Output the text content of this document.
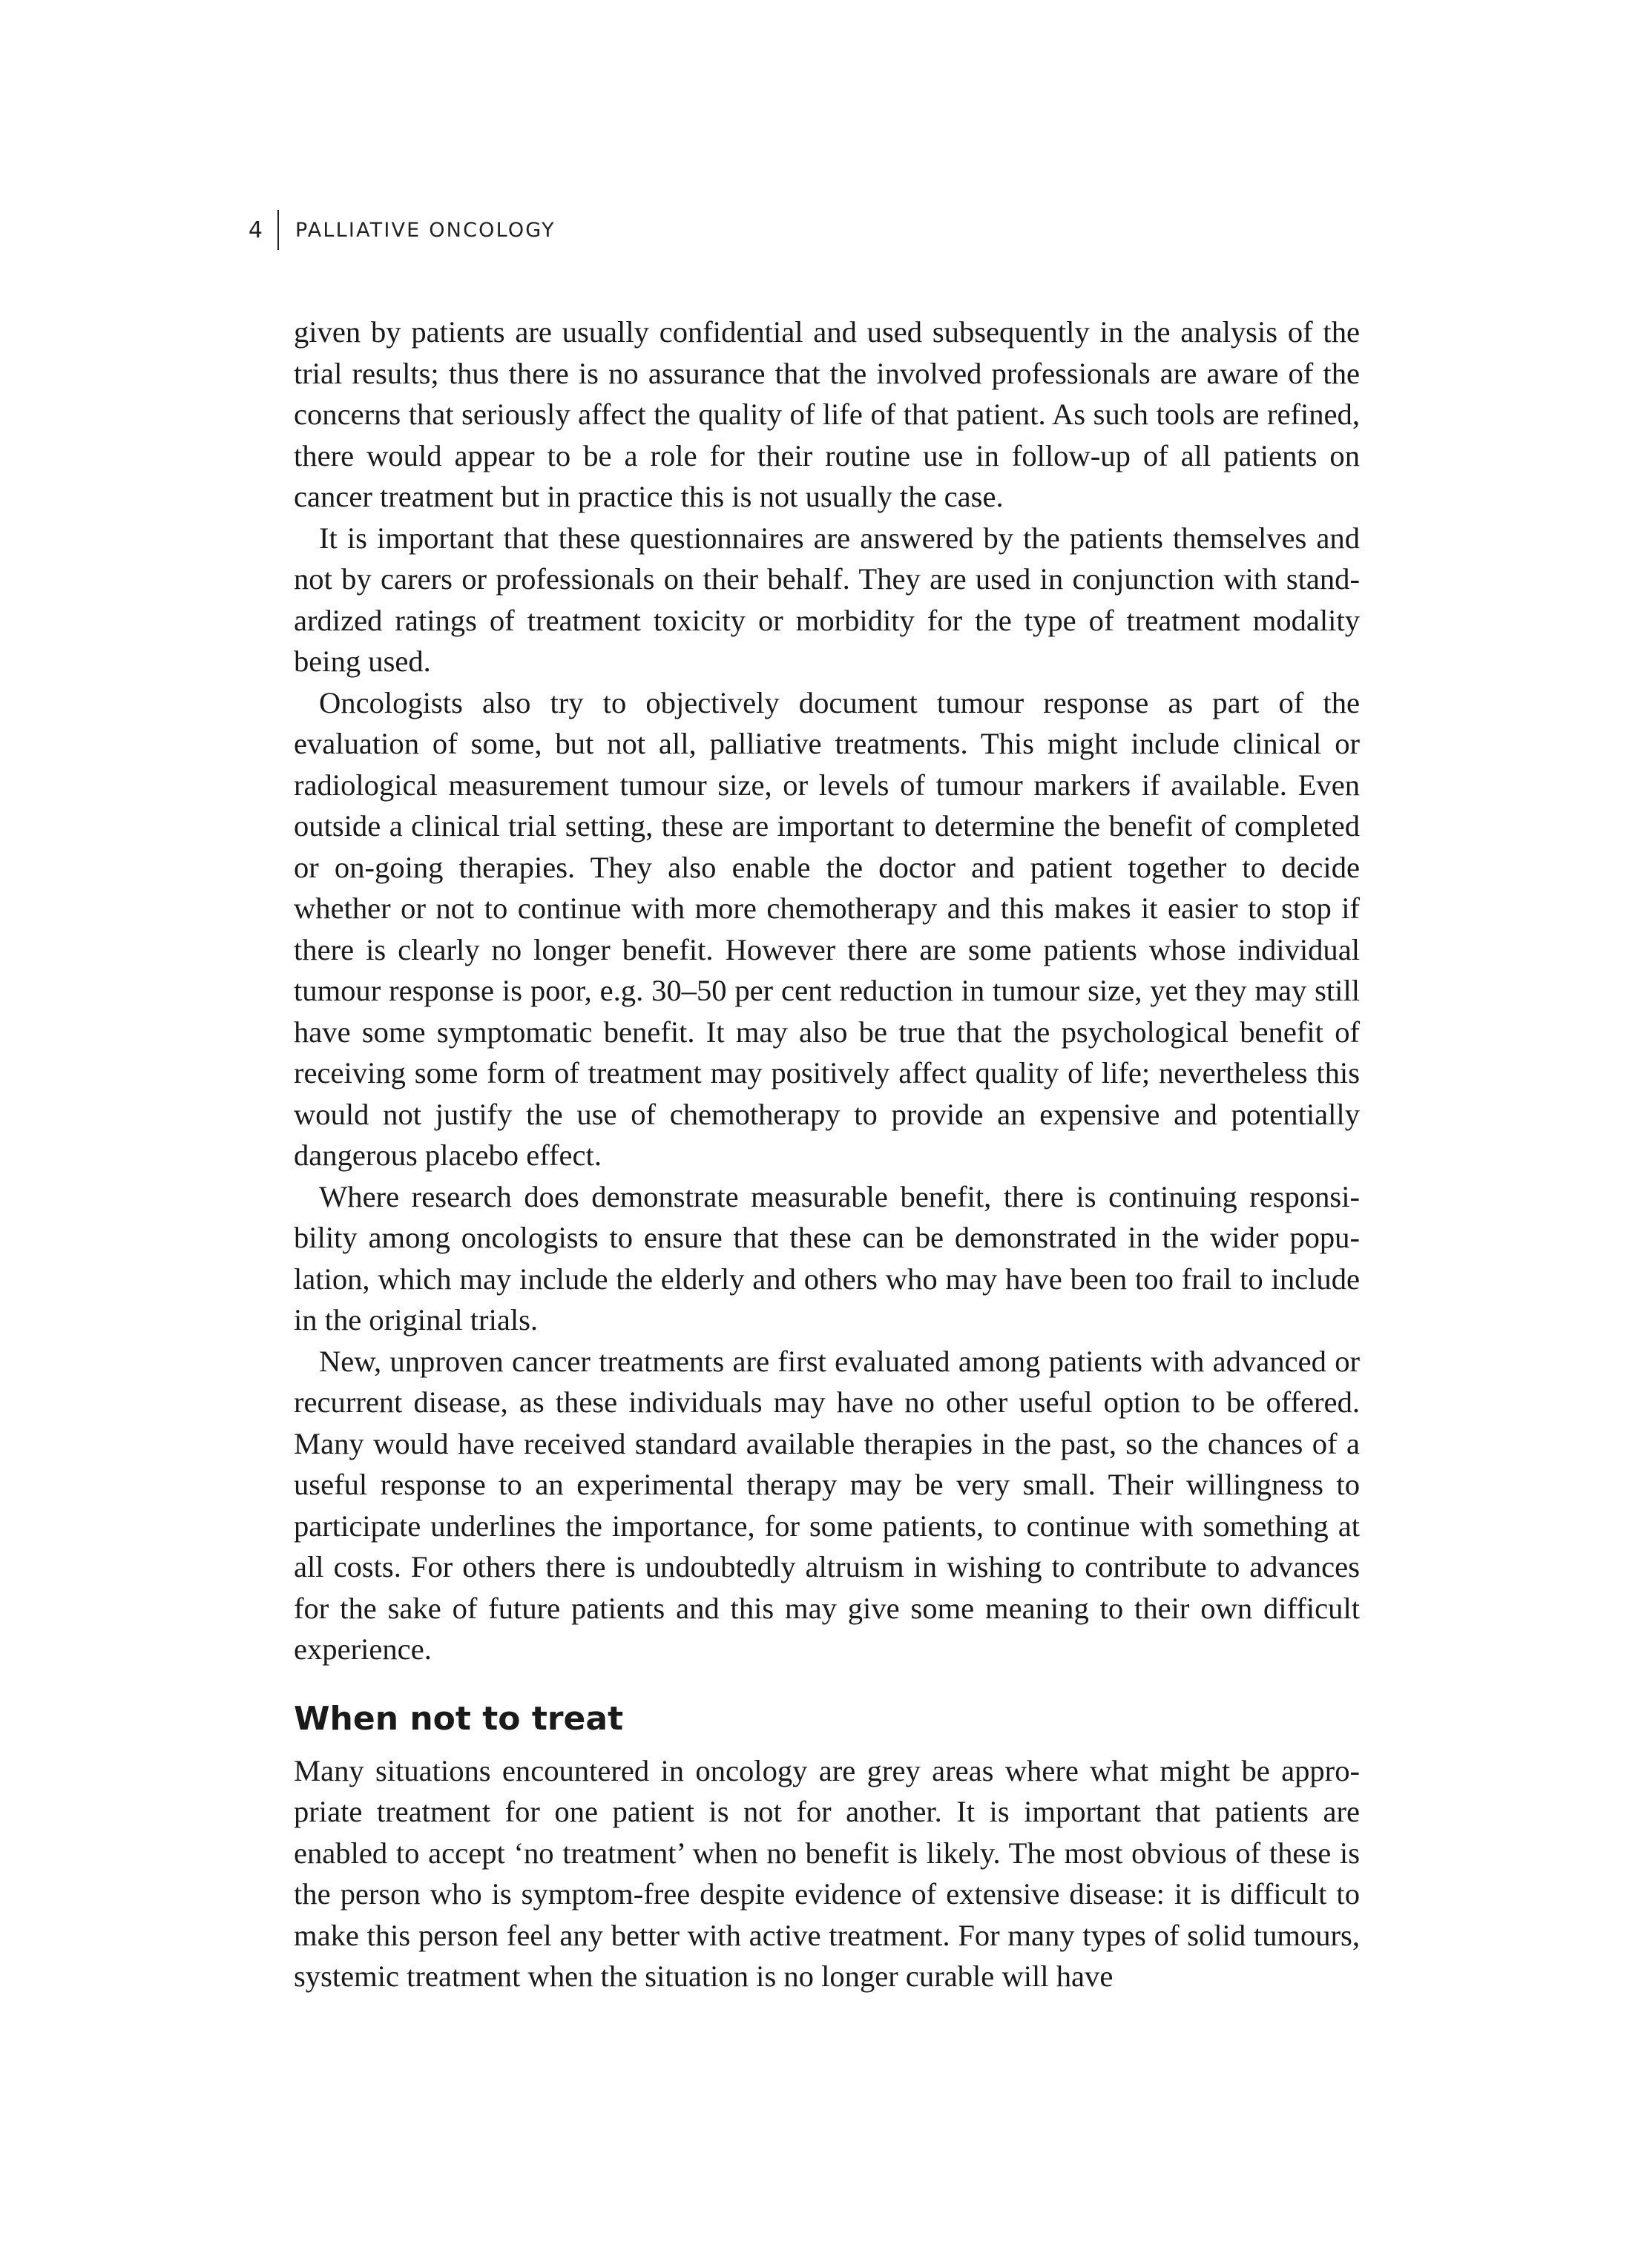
4 PALLIATIVE ONCOLOGY

given by patients are usually confidential and used subsequently in the analysis of the trial results; thus there is no assurance that the involved professionals are aware of the concerns that seriously affect the quality of life of that patient. As such tools are refined, there would appear to be a role for their routine use in follow-up of all patients on cancer treatment but in practice this is not usually the case.

It is important that these questionnaires are answered by the patients themselves and not by carers or professionals on their behalf. They are used in conjunction with standardized ratings of treatment toxicity or morbidity for the type of treatment modality being used.

Oncologists also try to objectively document tumour response as part of the evaluation of some, but not all, palliative treatments. This might include clinical or radiological measurement tumour size, or levels of tumour markers if available. Even outside a clinical trial setting, these are important to determine the benefit of completed or on-going therapies. They also enable the doctor and patient together to decide whether or not to continue with more chemotherapy and this makes it easier to stop if there is clearly no longer benefit. However there are some patients whose individual tumour response is poor, e.g. 30–50 per cent reduction in tumour size, yet they may still have some symptomatic benefit. It may also be true that the psychological benefit of receiving some form of treatment may positively affect quality of life; nevertheless this would not justify the use of chemotherapy to provide an expensive and potentially dangerous placebo effect.

Where research does demonstrate measurable benefit, there is continuing responsibility among oncologists to ensure that these can be demonstrated in the wider population, which may include the elderly and others who may have been too frail to include in the original trials.

New, unproven cancer treatments are first evaluated among patients with advanced or recurrent disease, as these individuals may have no other useful option to be offered. Many would have received standard available therapies in the past, so the chances of a useful response to an experimental therapy may be very small. Their willingness to participate underlines the importance, for some patients, to continue with something at all costs. For others there is undoubtedly altruism in wishing to contribute to advances for the sake of future patients and this may give some meaning to their own difficult experience.

When not to treat

Many situations encountered in oncology are grey areas where what might be appropriate treatment for one patient is not for another. It is important that patients are enabled to accept ‘no treatment’ when no benefit is likely. The most obvious of these is the person who is symptom-free despite evidence of extensive disease: it is difficult to make this person feel any better with active treatment. For many types of solid tumours, systemic treatment when the situation is no longer curable will have
